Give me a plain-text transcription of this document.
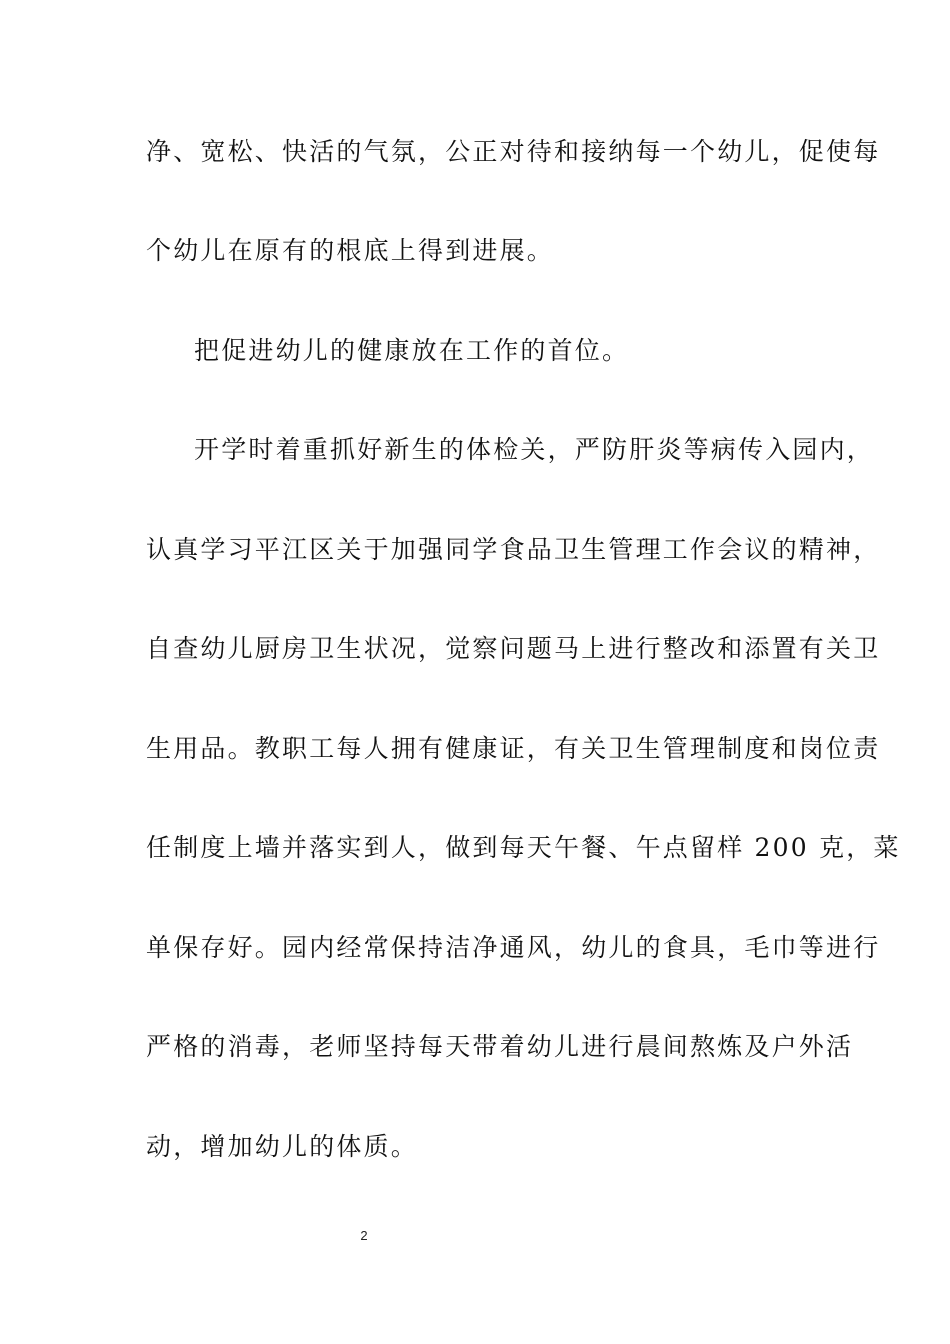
净、宽松、快活的气氛，公正对待和接纳每一个幼儿，促使每
个幼儿在原有的根底上得到进展。
把促进幼儿的健康放在工作的首位。
开学时着重抓好新生的体检关，严防肝炎等病传入园内，
认真学习平江区关于加强同学食品卫生管理工作会议的精神，
自查幼儿厨房卫生状况，觉察问题马上进行整改和添置有关卫
生用品。教职工每人拥有健康证，有关卫生管理制度和岗位责
任制度上墙并落实到人，做到每天午餐、午点留样 200 克，菜
单保存好。园内经常保持洁净通风，幼儿的食具，毛巾等进行
严格的消毒，老师坚持每天带着幼儿进行晨间熬炼及户外活
动，增加幼儿的体质。
2
